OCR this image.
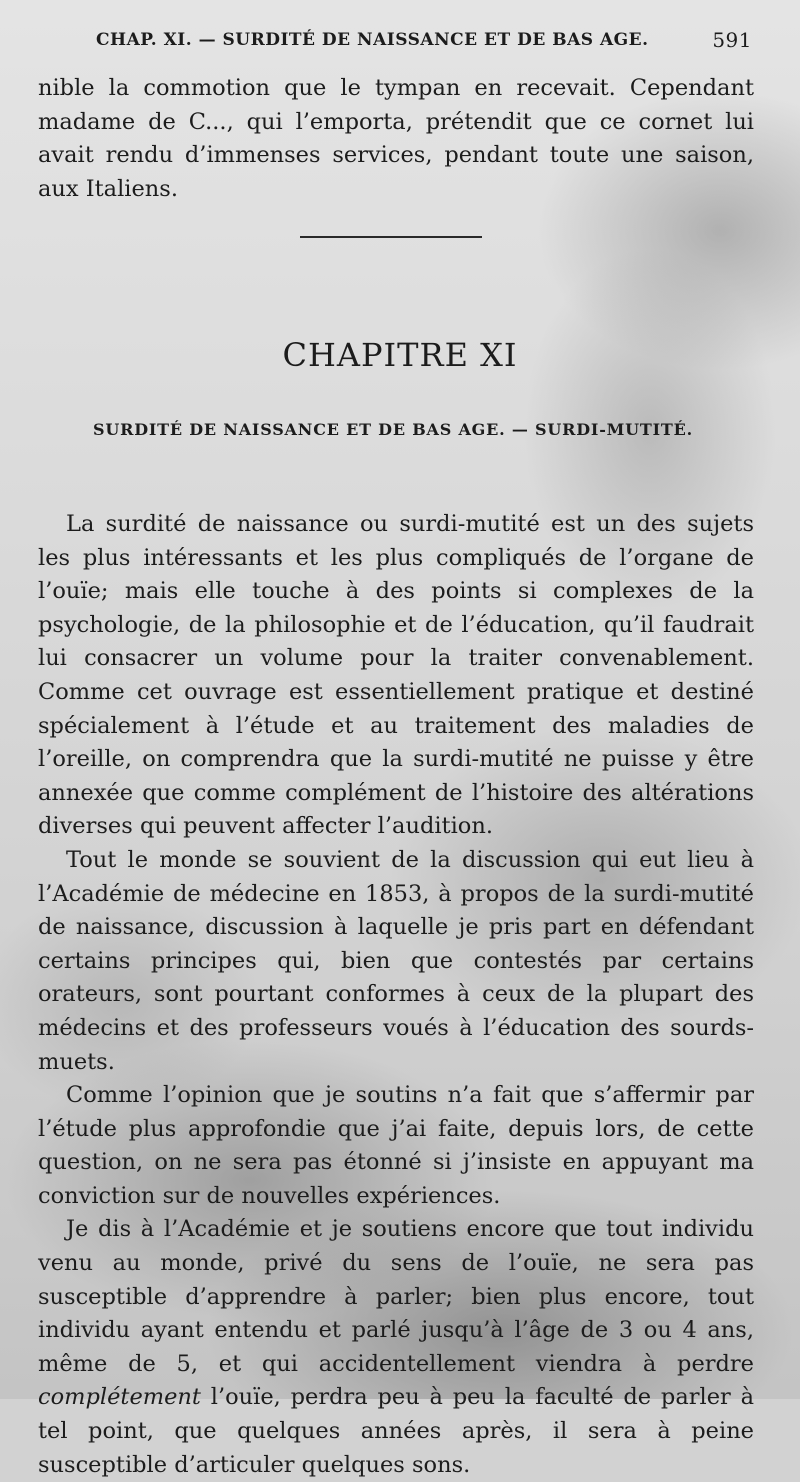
CHAP. XI. — SURDITÉ DE NAISSANCE ET DE BAS AGE.	591

nible la commotion que le tympan en recevait. Cependant madame de C..., qui l’emporta, prétendit que ce cornet lui avait rendu d’immenses services, pendant toute une saison, aux Italiens.

CHAPITRE XI
SURDITÉ DE NAISSANCE ET DE BAS AGE. — SURDI-MUTITÉ.

La surdité de naissance ou surdi-mutité est un des sujets les plus intéressants et les plus compliqués de l’organe de l’ouïe; mais elle touche à des points si complexes de la psychologie, de la philosophie et de l’éducation, qu’il faudrait lui consacrer un volume pour la traiter convenablement. Comme cet ouvrage est essentiellement pratique et destiné spécialement à l’étude et au traitement des maladies de l’oreille, on comprendra que la surdi-mutité ne puisse y être annexée que comme complément de l’histoire des altérations diverses qui peuvent affecter l’audition.

Tout le monde se souvient de la discussion qui eut lieu à l’Académie de médecine en 1853, à propos de la surdi-mutité de naissance, discussion à laquelle je pris part en défendant certains principes qui, bien que contestés par certains orateurs, sont pourtant conformes à ceux de la plupart des médecins et des professeurs voués à l’éducation des sourds-muets.

Comme l’opinion que je soutins n’a fait que s’affermir par l’étude plus approfondie que j’ai faite, depuis lors, de cette question, on ne sera pas étonné si j’insiste en appuyant ma conviction sur de nouvelles expériences.

Je dis à l’Académie et je soutiens encore que tout individu venu au monde, privé du sens de l’ouïe, ne sera pas susceptible d’apprendre à parler; bien plus encore, tout individu ayant entendu et parlé jusqu’à l’âge de 3 ou 4 ans, même de 5, et qui accidentellement viendra à perdre complétement l’ouïe, perdra peu à peu la faculté de parler à tel point, que quelques années après, il sera à peine susceptible d’articuler quelques sons.
